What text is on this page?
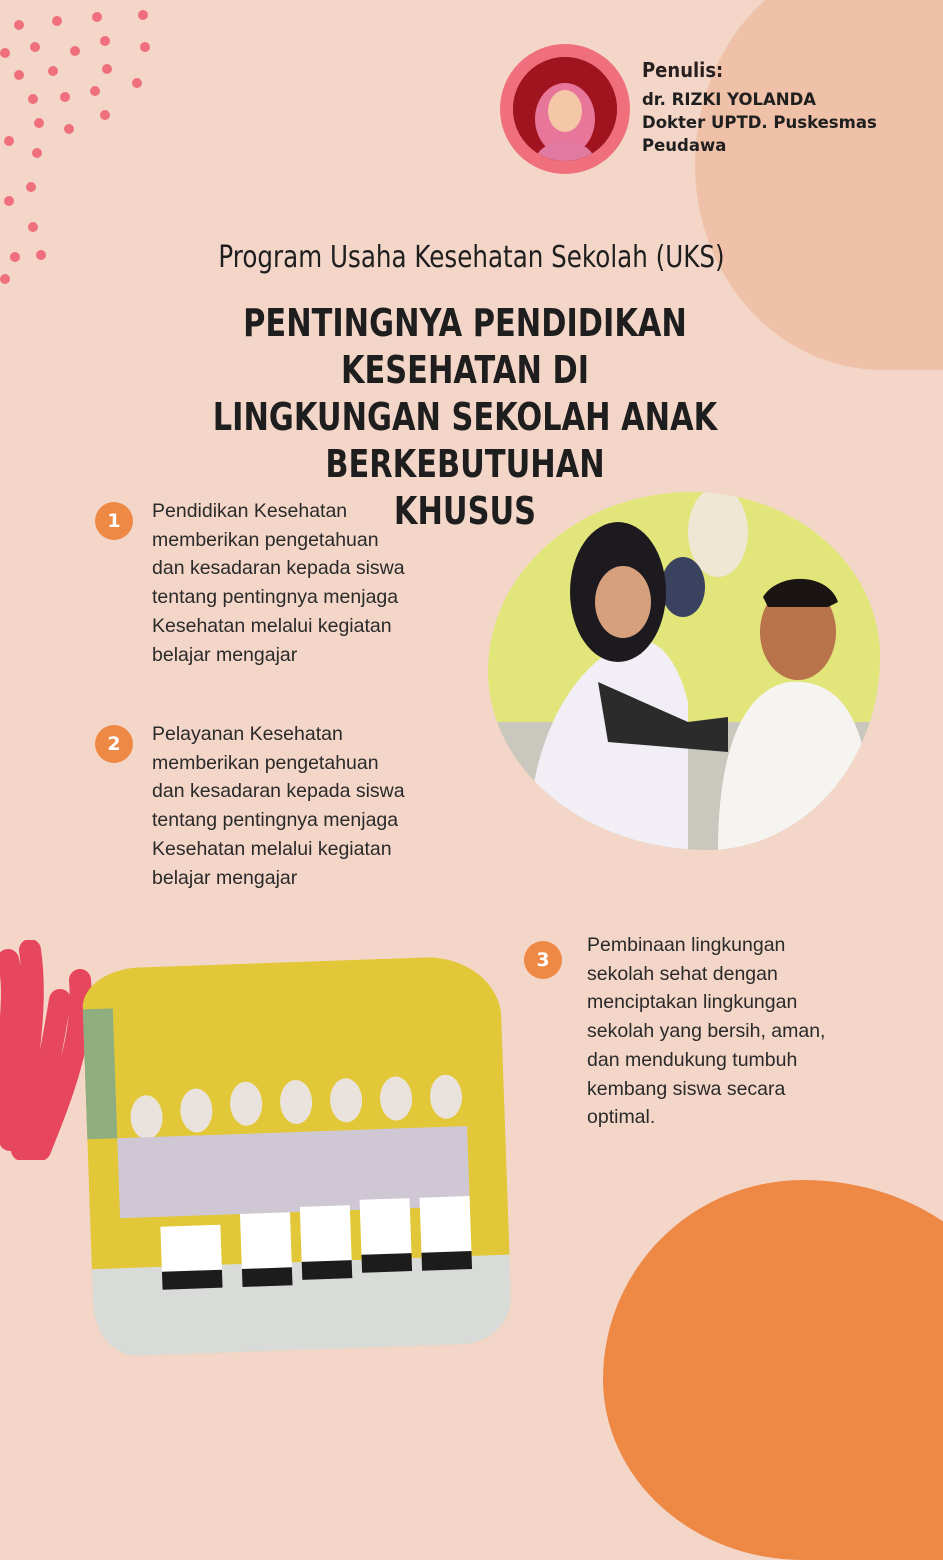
Penulis:
dr. RIZKI YOLANDA
Dokter UPTD. Puskesmas
Peudawa
Program Usaha Kesehatan Sekolah (UKS)
PENTINGNYA PENDIDIKAN KESEHATAN DI
LINGKUNGAN SEKOLAH ANAK BERKEBUTUHAN
KHUSUS
1	Pendidikan Kesehatan
memberikan pengetahuan
dan kesadaran kepada siswa
tentang pentingnya menjaga
Kesehatan melalui kegiatan
belajar mengajar
2	Pelayanan Kesehatan
memberikan pengetahuan
dan kesadaran kepada siswa
tentang pentingnya menjaga
Kesehatan melalui kegiatan
belajar mengajar
3
Pembinaan lingkungan
sekolah sehat dengan
menciptakan lingkungan
sekolah yang bersih, aman,
dan mendukung tumbuh
kembang siswa secara
optimal.
